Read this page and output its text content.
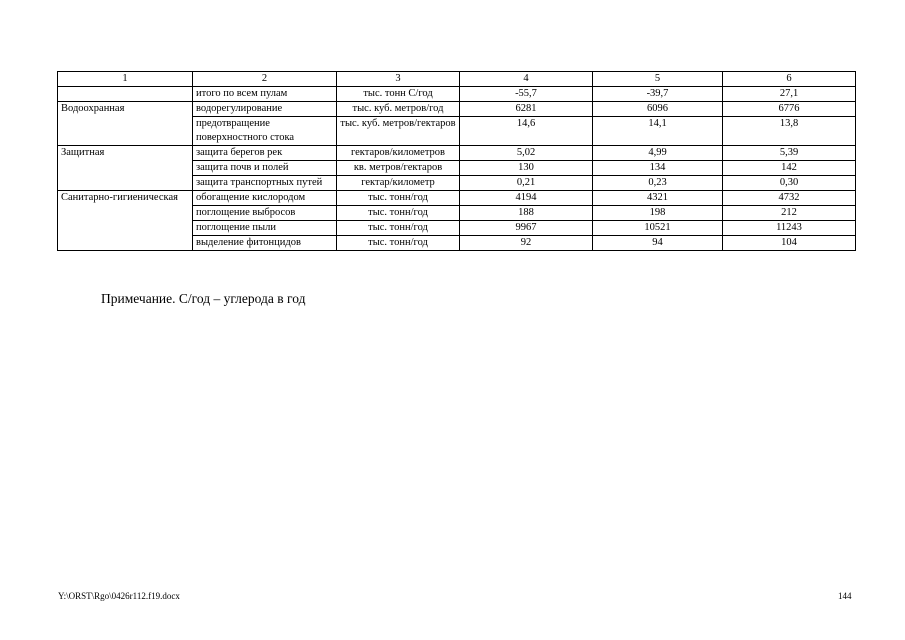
1	2	3	4	5	6
	итого по всем пулам	тыс. тонн С/год	-55,7	-39,7	27,1
Водоохранная	водорегулирование	тыс. куб. метров/год	6281	6096	6776
	предотвращение поверхностного стока	тыс. куб. метров/гектаров	14,6	14,1	13,8
Защитная	защита берегов рек	гектаров/километров	5,02	4,99	5,39
	защита почв и полей	кв. метров/гектаров	130	134	142
	защита транспортных путей	гектар/километр	0,21	0,23	0,30
Санитарно-гигиеническая	обогащение кислородом	тыс. тонн/год	4194	4321	4732
	поглощение выбросов	тыс. тонн/год	188	198	212
	поглощение пыли	тыс. тонн/год	9967	10521	11243
	выделение фитонцидов	тыс. тонн/год	92	94	104
Примечание. С/год – углерода в год
Y:\ORST\Rgo\0426r112.f19.docx	144
